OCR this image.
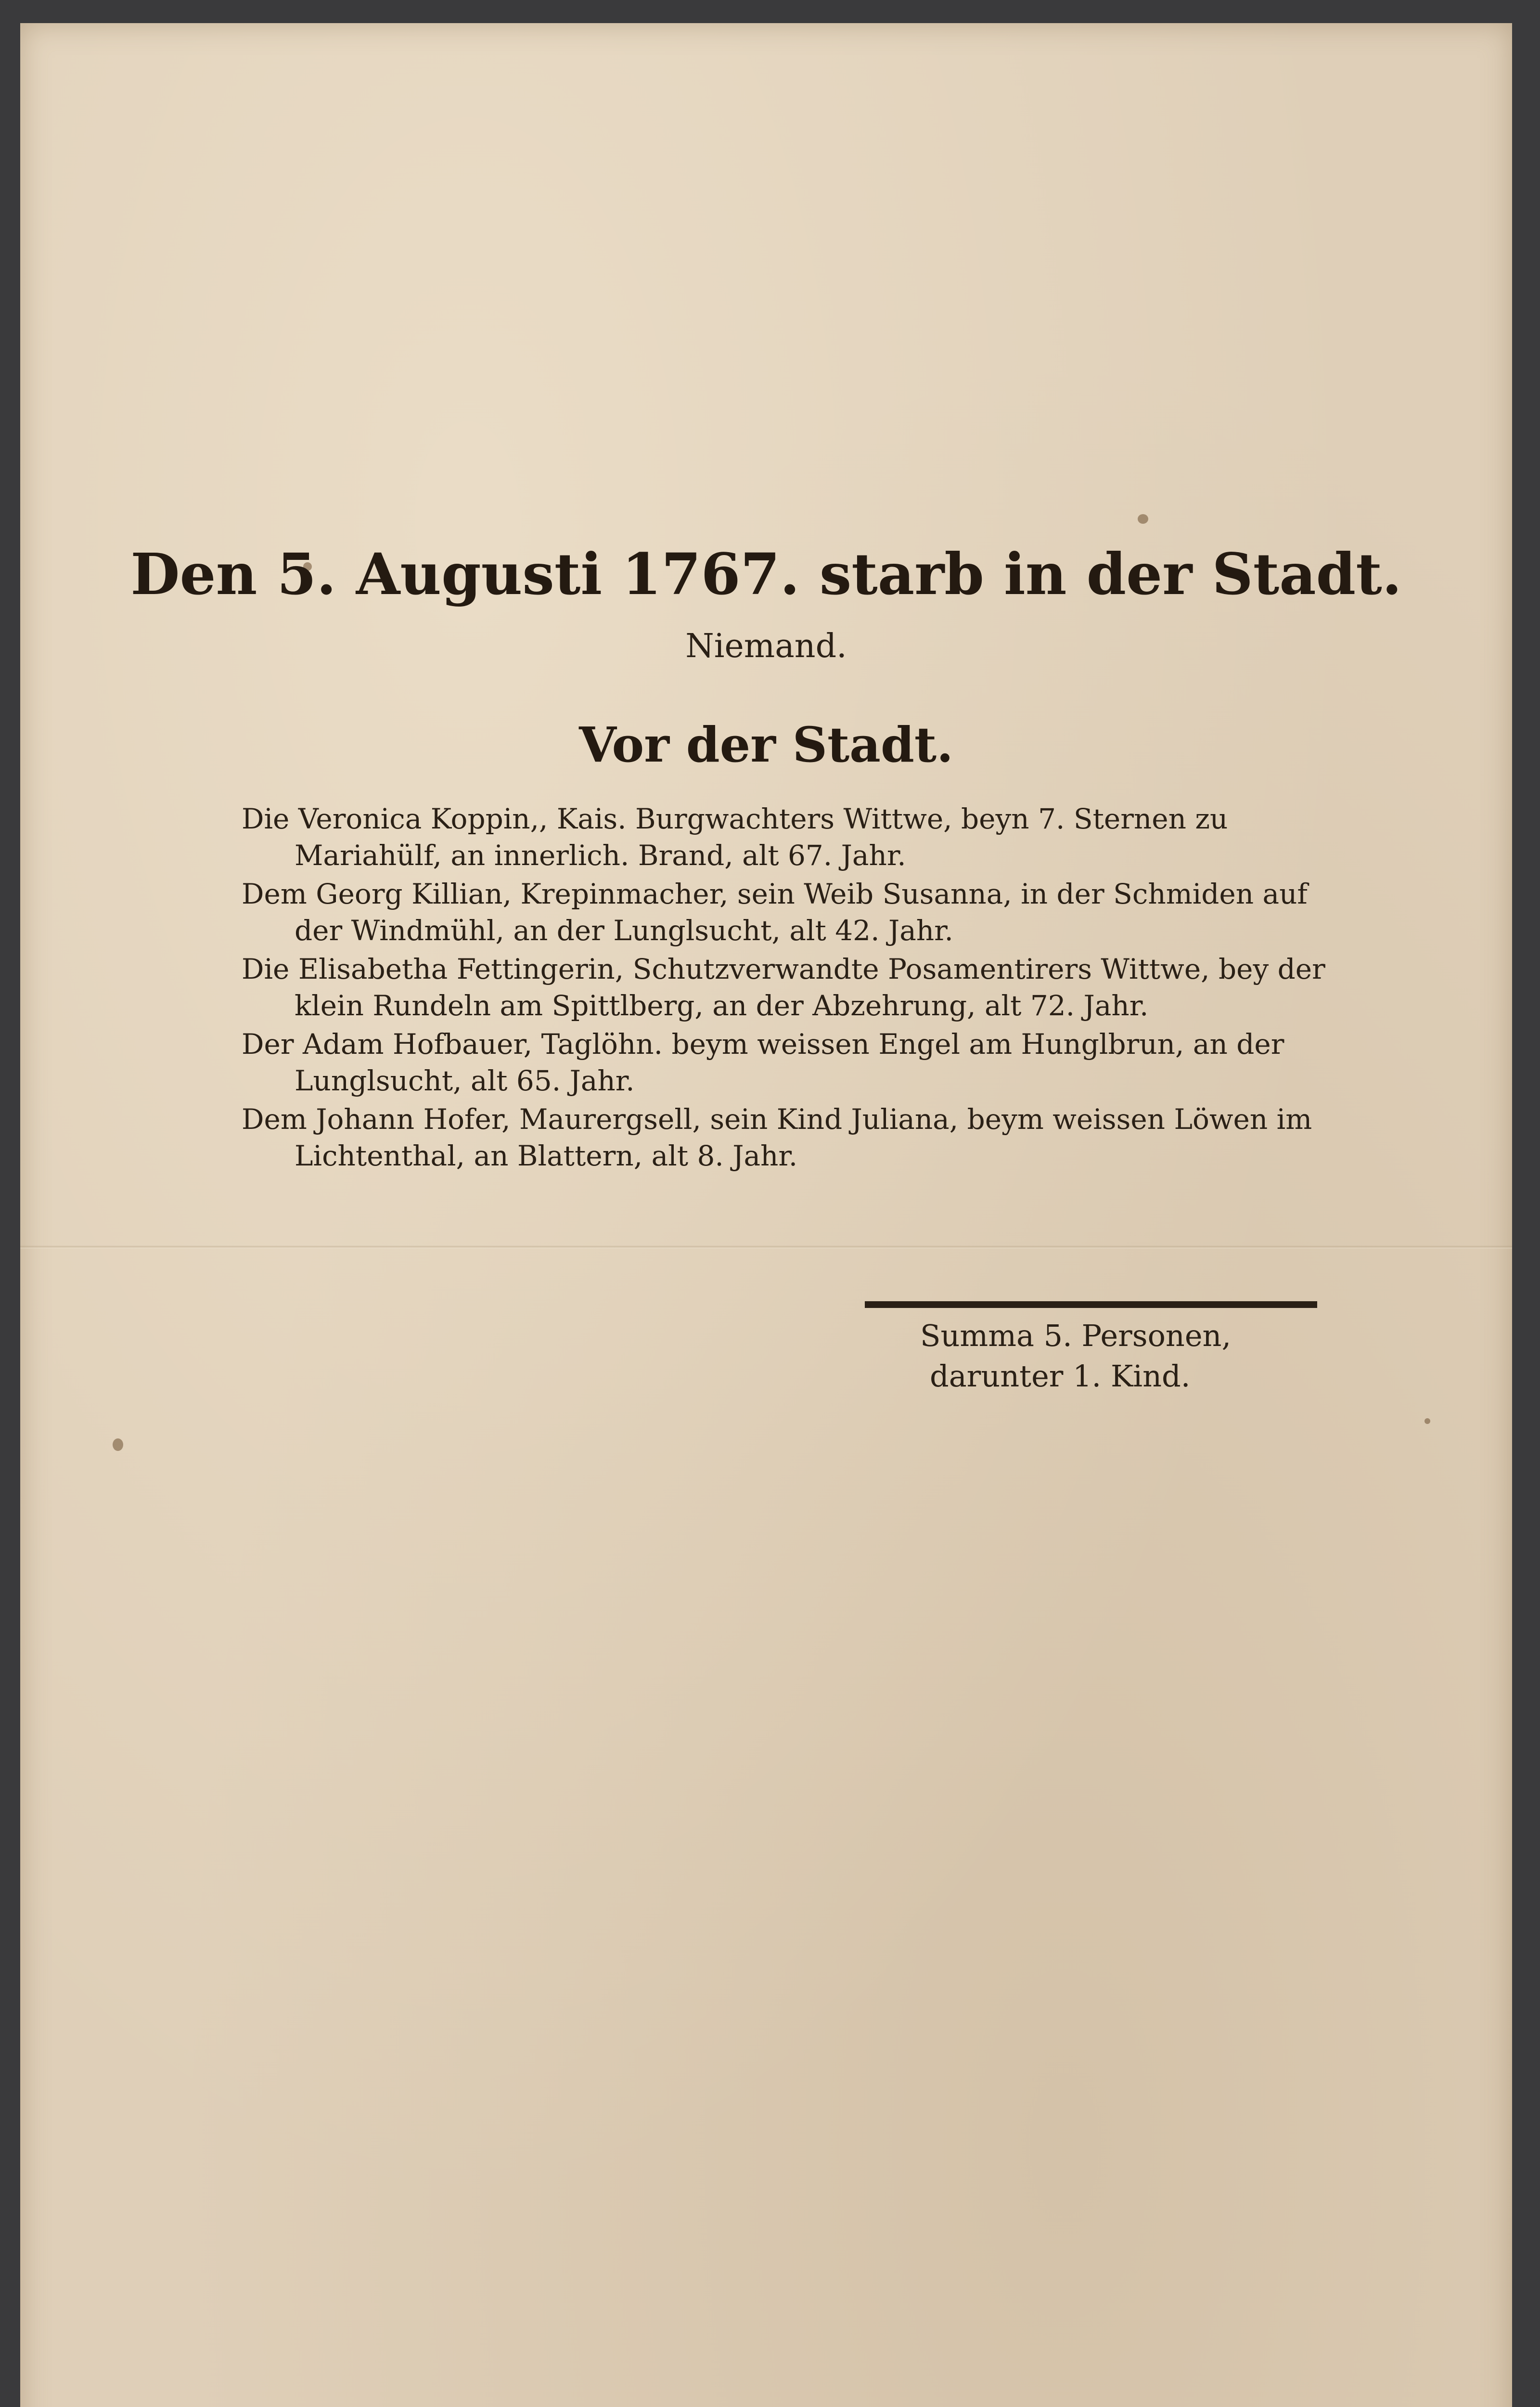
Den 5. Augusti 1767. starb in der Stadt.
Niemand.
Vor der Stadt.

Die Veronica Koppin,, Kais. Burgwachters Wittwe, beyn 7. Sternen zu Mariahülf, an innerlich. Brand, alt 67. Jahr.

Dem Georg Killian, Krepinmacher, sein Weib Susanna, in der Schmiden auf der Windmühl, an der Lunglsucht, alt 42. Jahr.

Die Elisabetha Fettingerin, Schutzverwandte Posamentirers Wittwe, bey der klein Rundeln am Spittlberg, an der Abzehrung, alt 72. Jahr.

Der Adam Hofbauer, Taglöhn. beym weissen Engel am Hunglbrun, an der Lunglsucht, alt 65. Jahr.

Dem Johann Hofer, Maurergsell, sein Kind Juliana, beym weissen Löwen im Lichtenthal, an Blattern, alt 8. Jahr.

Summa 5. Personen,
darunter 1. Kind.
